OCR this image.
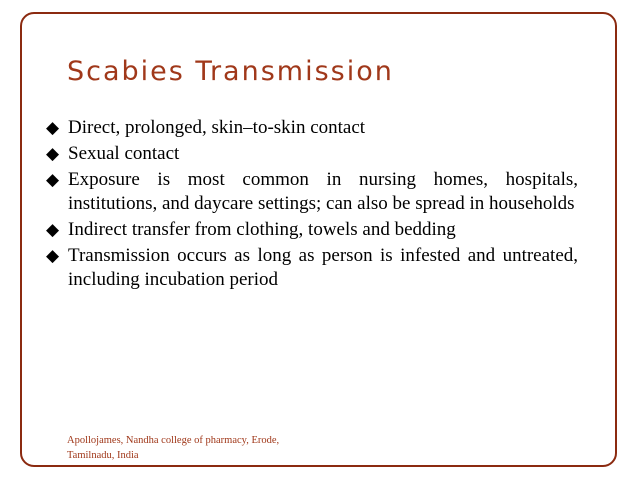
Scabies Transmission
◆ Direct, prolonged, skin–to-skin contact
◆ Sexual contact
◆ Exposure is most common in nursing homes, hospitals, institutions, and daycare settings; can also be spread in households
◆ Indirect transfer from clothing, towels and bedding
◆ Transmission occurs as long as person is infested and untreated, including incubation period
Apollojames, Nandha college of pharmacy, Erode,
Tamilnadu, India
